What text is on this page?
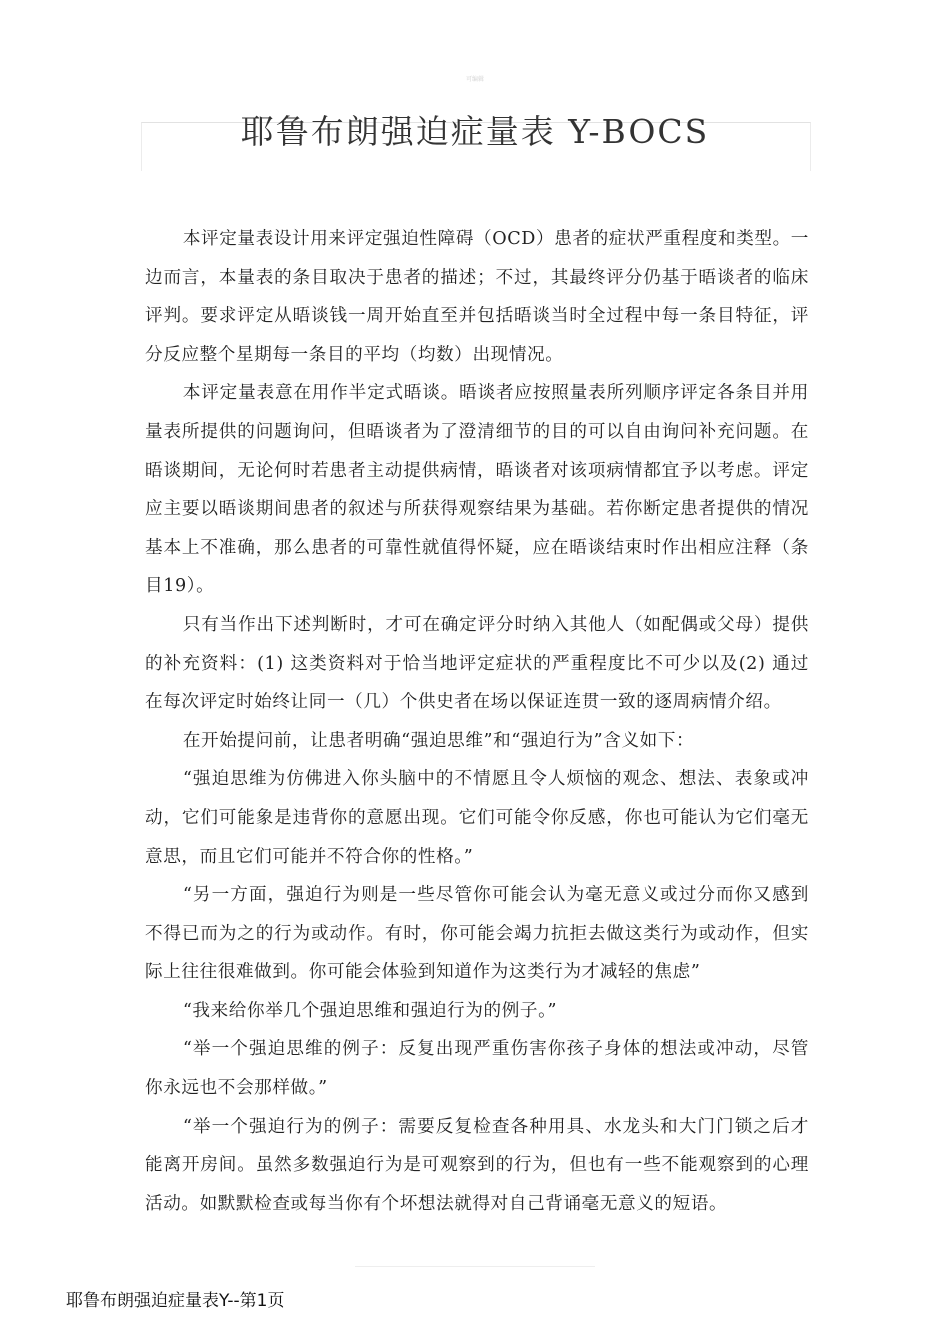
可编辑
耶鲁布朗强迫症量表 Y-BOCS

本评定量表设计用来评定强迫性障碍（OCD）患者的症状严重程度和类型。一边而言，本量表的条目取决于患者的描述；不过，其最终评分仍基于晤谈者的临床评判。要求评定从晤谈钱一周开始直至并包括晤谈当时全过程中每一条目特征，评分反应整个星期每一条目的平均（均数）出现情况。

本评定量表意在用作半定式晤谈。晤谈者应按照量表所列顺序评定各条目并用量表所提供的问题询问，但晤谈者为了澄清细节的目的可以自由询问补充问题。在晤谈期间，无论何时若患者主动提供病情，晤谈者对该项病情都宜予以考虑。评定应主要以晤谈期间患者的叙述与所获得观察结果为基础。若你断定患者提供的情况基本上不准确，那么患者的可靠性就值得怀疑，应在晤谈结束时作出相应注释（条目19）。

只有当作出下述判断时，才可在确定评分时纳入其他人（如配偶或父母）提供的补充资料：(1) 这类资料对于恰当地评定症状的严重程度比不可少以及(2) 通过在每次评定时始终让同一（几）个供史者在场以保证连贯一致的逐周病情介绍。

在开始提问前，让患者明确“强迫思维”和“强迫行为”含义如下：

“强迫思维为仿佛进入你头脑中的不情愿且令人烦恼的观念、想法、表象或冲动，它们可能象是违背你的意愿出现。它们可能令你反感，你也可能认为它们毫无意思，而且它们可能并不符合你的性格。”

“另一方面，强迫行为则是一些尽管你可能会认为毫无意义或过分而你又感到不得已而为之的行为或动作。有时，你可能会竭力抗拒去做这类行为或动作，但实际上往往很难做到。你可能会体验到知道作为这类行为才减轻的焦虑”

“我来给你举几个强迫思维和强迫行为的例子。”

“举一个强迫思维的例子：反复出现严重伤害你孩子身体的想法或冲动，尽管你永远也不会那样做。”

“举一个强迫行为的例子：需要反复检查各种用具、水龙头和大门门锁之后才能离开房间。虽然多数强迫行为是可观察到的行为，但也有一些不能观察到的心理活动。如默默检查或每当你有个坏想法就得对自己背诵毫无意义的短语。

耶鲁布朗强迫症量表Y--第1页
